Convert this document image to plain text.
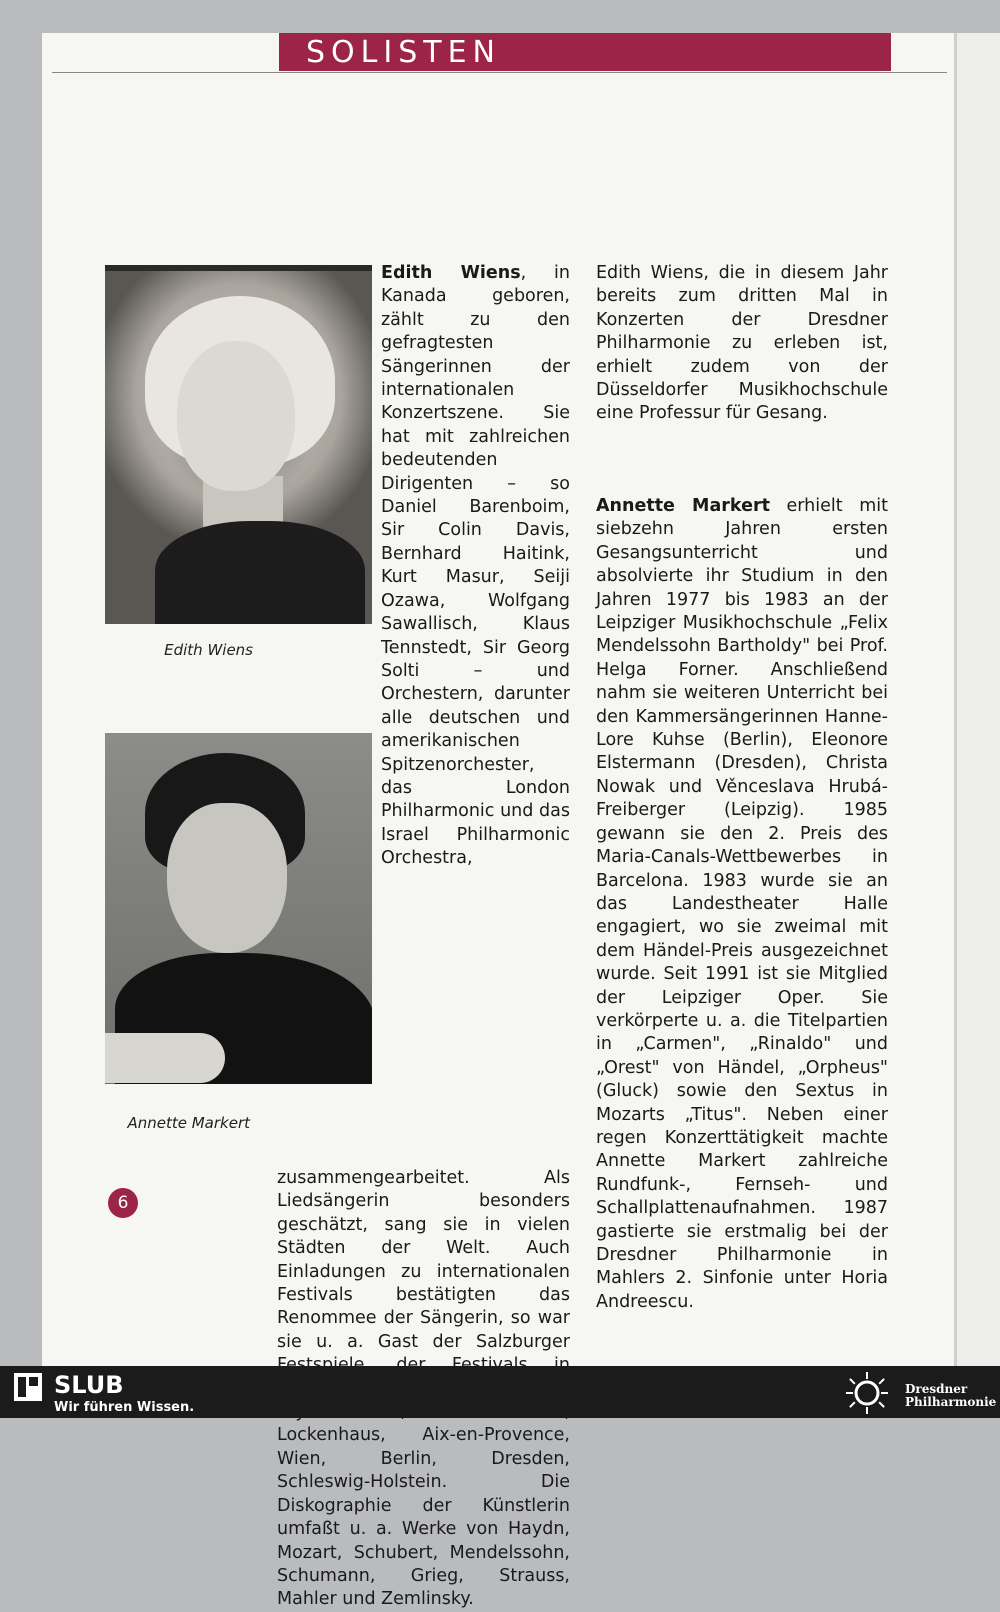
SOLISTEN
Edith Wiens
Annette Markert

Edith Wiens, in Kanada geboren, zählt zu den gefragtesten Sängerinnen der internationalen Konzertszene. Sie hat mit zahlreichen bedeutenden Dirigenten – so Daniel Barenboim, Sir Colin Davis, Bernhard Haitink, Kurt Masur, Seiji Ozawa, Wolfgang Sawallisch, Klaus Tennstedt, Sir Georg Solti – und Orchestern, darunter alle deutschen und amerikanischen Spitzenorchester, das London Philharmonic und das Israel Philharmonic Orchestra, zusammengearbeitet. Als Liedsängerin besonders geschätzt, sang sie in vielen Städten der Welt. Auch Einladungen zu internationalen Festivals bestätigten das Renommee der Sängerin, so war sie u. a. Gast der Salzburger Lockenhaus, Aix-en-Provence, Wien, Berlin, Dresden, Schleswig-Holstein. Die Diskographie der Künstlerin umfaßt u. a. Werke von Haydn, Mozart, Schubert, Mendelssohn, Schumann, Grieg, Strauss, Mahler und Zemlinsky.

Edith Wiens, die in diesem Jahr bereits zum dritten Mal in Konzerten der Dresdner Philharmonie zu erleben ist, erhielt zudem von der Düsseldorfer Musikhochschule eine Professur für Gesang.

Annette Markert erhielt mit siebzehn Jahren ersten Gesangsunterricht und absolvierte ihr Studium in den Jahren 1977 bis 1983 an der Leipziger Musikhochschule „Felix Mendelssohn Bartholdy" bei Prof. Helga Forner. Anschließend nahm sie weiteren Unterricht bei den Kammersängerinnen Hanne-Lore Kuhse (Berlin), Eleonore Elstermann (Dresden), Christa Nowak und Věnceslava Hrubá-Freiberger (Leipzig). 1985 gewann sie den 2. Preis des Maria-Canals-Wettbewerbes in Barcelona. 1983 wurde sie an das Landestheater Halle engagiert, wo sie zweimal mit dem Händel-Preis ausgezeichnet wurde. Seit 1991 ist sie Mitglied der Leipziger Oper. Sie verkörperte u. a. die Titelpartien in „Carmen", „Rinaldo" und „Orest" von Händel, „Orpheus" (Gluck) sowie den Sextus in Mozarts „Titus". Neben einer regen Konzerttätigkeit machte Annette Markert zahlreiche Rundfunk-, Fernseh- und Schallplattenaufnahmen. 1987 gastierte sie erstmalig bei der Dresdner Philharmonie in Mahlers 2. Sinfonie unter Horia Andreescu.

6
SLUB
Wir führen Wissen.
Dresdner
Philharmonie
